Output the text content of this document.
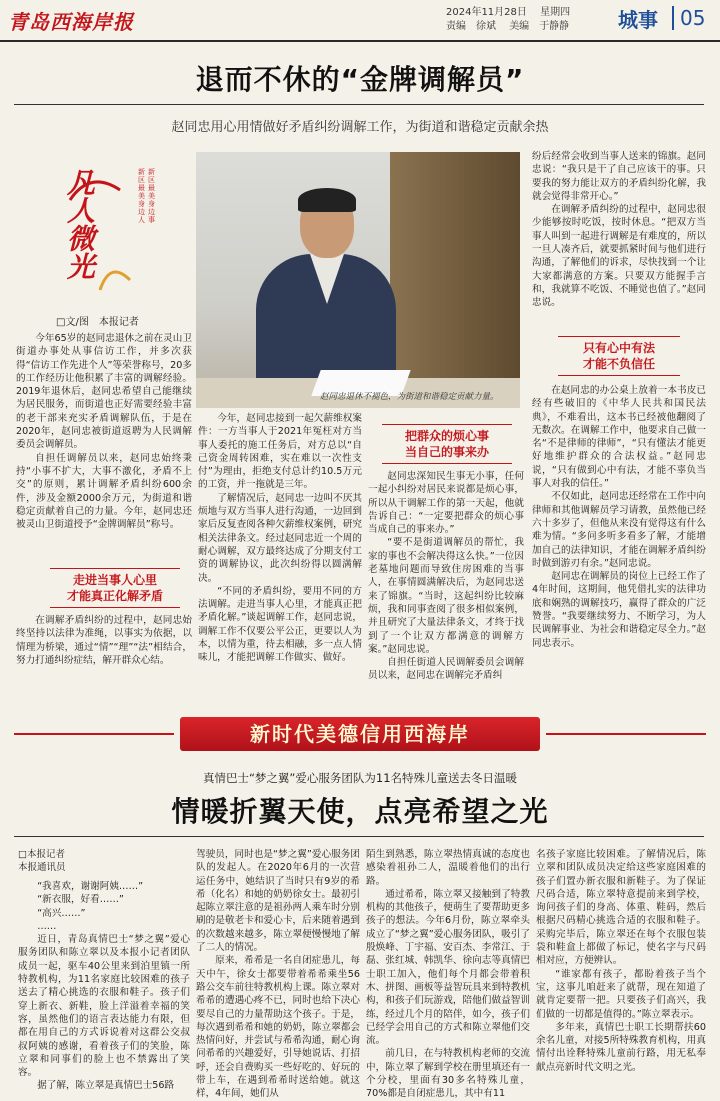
青岛西海岸报	2024年11月28日 星期四
责编 徐斌 美编 于静静	城事	05
退而不休的“金牌调解员”
赵同忠用心用情做好矛盾纠纷调解工作，为街道和谐稳定贡献余热
凡人微光	新区最美身边人
新区最美身边事
□文/图　本报记者　
赵同忠退休不褪色，为街道和谐稳定贡献力量。

今年65岁的赵同忠退休之前在灵山卫街道办事处从事信访工作，并多次获得“信访工作先进个人”等荣誉称号，20多的工作经历让他积累了丰富的调解经验。2019年退休后，赵同忠希望自己能继续为居民服务，而街道也正好需要经验丰富的老干部来充实矛盾调解队伍，于是在2020年，赵同忠被街道返聘为人民调解委员会调解员。

自担任调解员以来，赵同忠始终秉持“小事不扩大，大事不激化，矛盾不上交”的原则，累计调解矛盾纠纷600余件，涉及金额2000余万元，为街道和谐稳定贡献着自己的力量。今年，赵同忠还被灵山卫街道授予“金牌调解员”称号。

走进当事人心里
才能真正化解矛盾

在调解矛盾纠纷的过程中，赵同忠始终坚持以法律为准绳，以事实为依据，以情理为桥梁，通过“情”“理”“法”相结合，努力打通纠纷症结，解开群众心结。

今年，赵同忠接到一起欠薪维权案件：一方当事人于2021年冤枉对方当事人委托的施工任务后，对方总以“自己资金周转困难，实在难以一次性支付”为理由，拒绝支付总计约10.5万元的工资，并一拖就是三年。

了解情况后，赵同忠一边叫不厌其烦地与双方当事人进行沟通，一边回到家后反复查阅各种欠薪维权案例，研究相关法律条文。经过赵同忠近一个周的耐心调解，双方最终达成了分期支付工资的调解协议，此次纠纷得以圆满解决。

“不同的矛盾纠纷，要用不同的方法调解。走进当事人心里，才能真正把矛盾化解。”谈起调解工作，赵同忠说，调解工作不仅要公平公正，更要以人为本，以情为重，待去相融，多一点人情味儿，才能把调解工作做实、做好。

把群众的烦心事
当自己的事来办

赵同忠深知民生事无小事，任何一起小纠纷对居民来说都是烦心事，所以从干调解工作的第一天起，他就告诉自己：“一定要把群众的烦心事当成自己的事来办。”

“要不是街道调解员的帮忙，我家的事也不会解决得这么快。”一位因老墓地问题而导致住房困难的当事人，在事情圆满解决后，为赵同忠送来了锦旗。“当时，这起纠纷比较麻烦，我和同事查阅了很多相似案例，并且研究了大量法律条文，才终于找到了一个让双方都满意的调解方案。”赵同忠说。

自担任街道人民调解委员会调解员以来，赵同忠在调解完矛盾纠

纷后经常会收到当事人送来的锦旗。赵同忠说：“我只是干了自己应该干的事。只要我的努力能让双方的矛盾纠纷化解，我就会觉得非常开心。”

在调解矛盾纠纷的过程中，赵同忠很少能够按时吃饭，按时休息。“把双方当事人叫到一起进行调解是有难度的，所以一旦人凑齐后，就要抓紧时间与他们进行沟通，了解他们的诉求，尽快找到一个让大家都满意的方案。只要双方能握手言和，我就算不吃饭、不睡觉也值了。”赵同忠说。

只有心中有法
才能不负信任

在赵同忠的办公桌上放着一本书皮已经有些破旧的《中华人民共和国民法典》，不难看出，这本书已经被他翻阅了无数次。在调解工作中，他要求自己做一名“不是律师的律师”，“只有懂法才能更好地维护群众的合法权益。”赵同忠说，“只有做到心中有法，才能不辜负当事人对我的信任。”

不仅如此，赵同忠还经常在工作中向律师和其他调解员学习请教，虽然他已经六十多岁了，但他从来没有觉得这有什么难为情。“多问多听多看多了解，才能增加自己的法律知识，才能在调解矛盾纠纷时做到游刃有余。”赵同忠说。

赵同忠在调解员的岗位上已经工作了4年时间，这期间，他凭借扎实的法律功底和娴熟的调解技巧，赢得了群众的广泛赞誉。“我要继续努力、不断学习，为人民调解事业、为社会和谐稳定尽全力。”赵同忠表示。

新时代美德信用西海岸
真情巴士“梦之翼”爱心服务团队为11名特殊儿童送去冬日温暖
情暖折翼天使，点亮希望之光
□本报记者　
本报通讯员　

“我喜欢，谢谢阿姨……”

“新衣服，好看……”

“高兴……”

……

近日，青岛真情巴士“梦之翼”爱心服务团队和陈立翠以及本报小记者团队成员一起，驱车40公里来到泊里镇一所特教机构，为11名家庭比较困难的孩子送去了精心挑选的衣服和鞋子。孩子们穿上新衣、新鞋，脸上洋溢着幸福的笑容，虽然他们的语言表达能力有限，但都在用自己的方式诉说着对这群公交叔叔阿姨的感谢，看着孩子们的笑脸，陈立翠和同事们的脸上也不禁露出了笑容。

据了解，陈立翠是真情巴士56路

驾驶员，同时也是“梦之翼”爱心服务团队的发起人。在2020年6月的一次营运任务中，她结识了当时只有9岁的希希（化名）和她的奶奶徐女士。最初引起陈立翠注意的是祖孙两人乘车时分别刷的是敬老卡和爱心卡，后来随着遇到的次数越来越多，陈立翠便慢慢地了解了二人的情况。

原来，希希是一名自闭症患儿，每天中午，徐女士都要带着希希乘坐56路公交车前往特教机构上课。陈立翠对希希的遭遇心疼不已，同时也给下决心要尽自己的力量帮助这个孩子。于是，每次遇到希希和她的奶奶，陈立翠都会热情问好，并尝试与希希沟通，耐心询问希希的兴趣爱好，引导她说话、打招呼，还会自费购买一些好吃的、好玩的带上车，在遇到希希时送给她。就这样，4年间，她们从

陌生到熟悉，陈立翠热情真诚的态度也感染着祖孙二人，温暖着他们的出行路。

通过希希，陈立翠又接触到了特教机构的其他孩子，便萌生了要帮助更多孩子的想法。今年6月份，陈立翠牵头成立了“梦之翼”爱心服务团队，吸引了殷焕峰、丁宇福、安百杰、李常江、于磊、张红城、韩凯华、徐向志等真情巴士职工加入，他们每个月都会带着积木、拼图、画板等益智玩具来到特教机构，和孩子们玩游戏，陪他们做益智训练，经过几个月的陪伴，如今，孩子们已经学会用自己的方式和陈立翠他们交流。

前几日，在与特教机构老师的交流中，陈立翠了解到学校在册里填还有一个分校，里面有30多名特殊儿童，70%都是自闭症患儿，其中有11

名孩子家庭比较困难。了解情况后，陈立翠和团队成员决定给这些家庭困难的孩子们置办新衣服和新鞋子。为了保证尺码合适，陈立翠特意提前来到学校，询问孩子们的身高、体重、鞋码，然后根据尺码精心挑选合适的衣服和鞋子。采购完毕后，陈立翠还在每个衣服包装袋和鞋盒上都做了标记，使名字与尺码相对应，方便辨认。

“谁家都有孩子，都盼着孩子当个宝，这事儿咱赶来了就帮，现在知道了就肯定要帮一把。只要孩子们高兴，我们做的一切都是值得的。”陈立翠表示。

多年来，真情巴士职工长期帮扶60余名儿童，对接5所特殊教育机构，用真情付出诠释特殊儿童前行路，用无私奉献点亮新时代文明之光。
